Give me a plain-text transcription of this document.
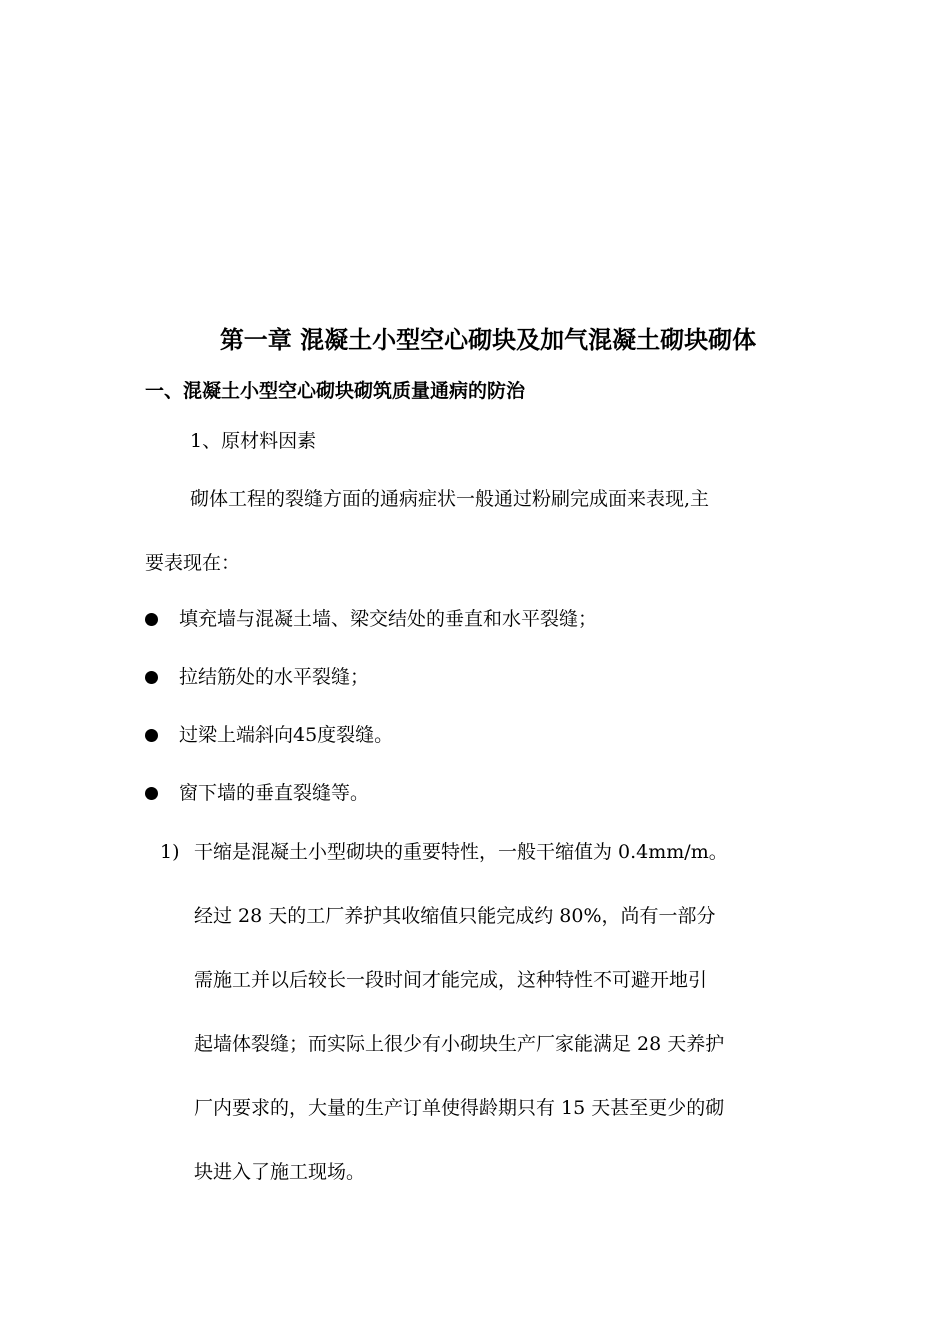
第一章 混凝土小型空心砌块及加气混凝土砌块砌体
一、混凝土小型空心砌块砌筑质量通病的防治
1、原材料因素
砌体工程的裂缝方面的通病症状一般通过粉刷完成面来表现,主
要表现在：
填充墙与混凝土墙、梁交结处的垂直和水平裂缝；
拉结筋处的水平裂缝；
过梁上端斜向45度裂缝。
窗下墙的垂直裂缝等。
1) 干缩是混凝土小型砌块的重要特性，一般干缩值为 0.4mm/m。
经过 28 天的工厂养护其收缩值只能完成约 80%，尚有一部分
需施工并以后较长一段时间才能完成，这种特性不可避开地引
起墙体裂缝；而实际上很少有小砌块生产厂家能满足 28 天养护
厂内要求的，大量的生产订单使得龄期只有 15 天甚至更少的砌
块进入了施工现场。
